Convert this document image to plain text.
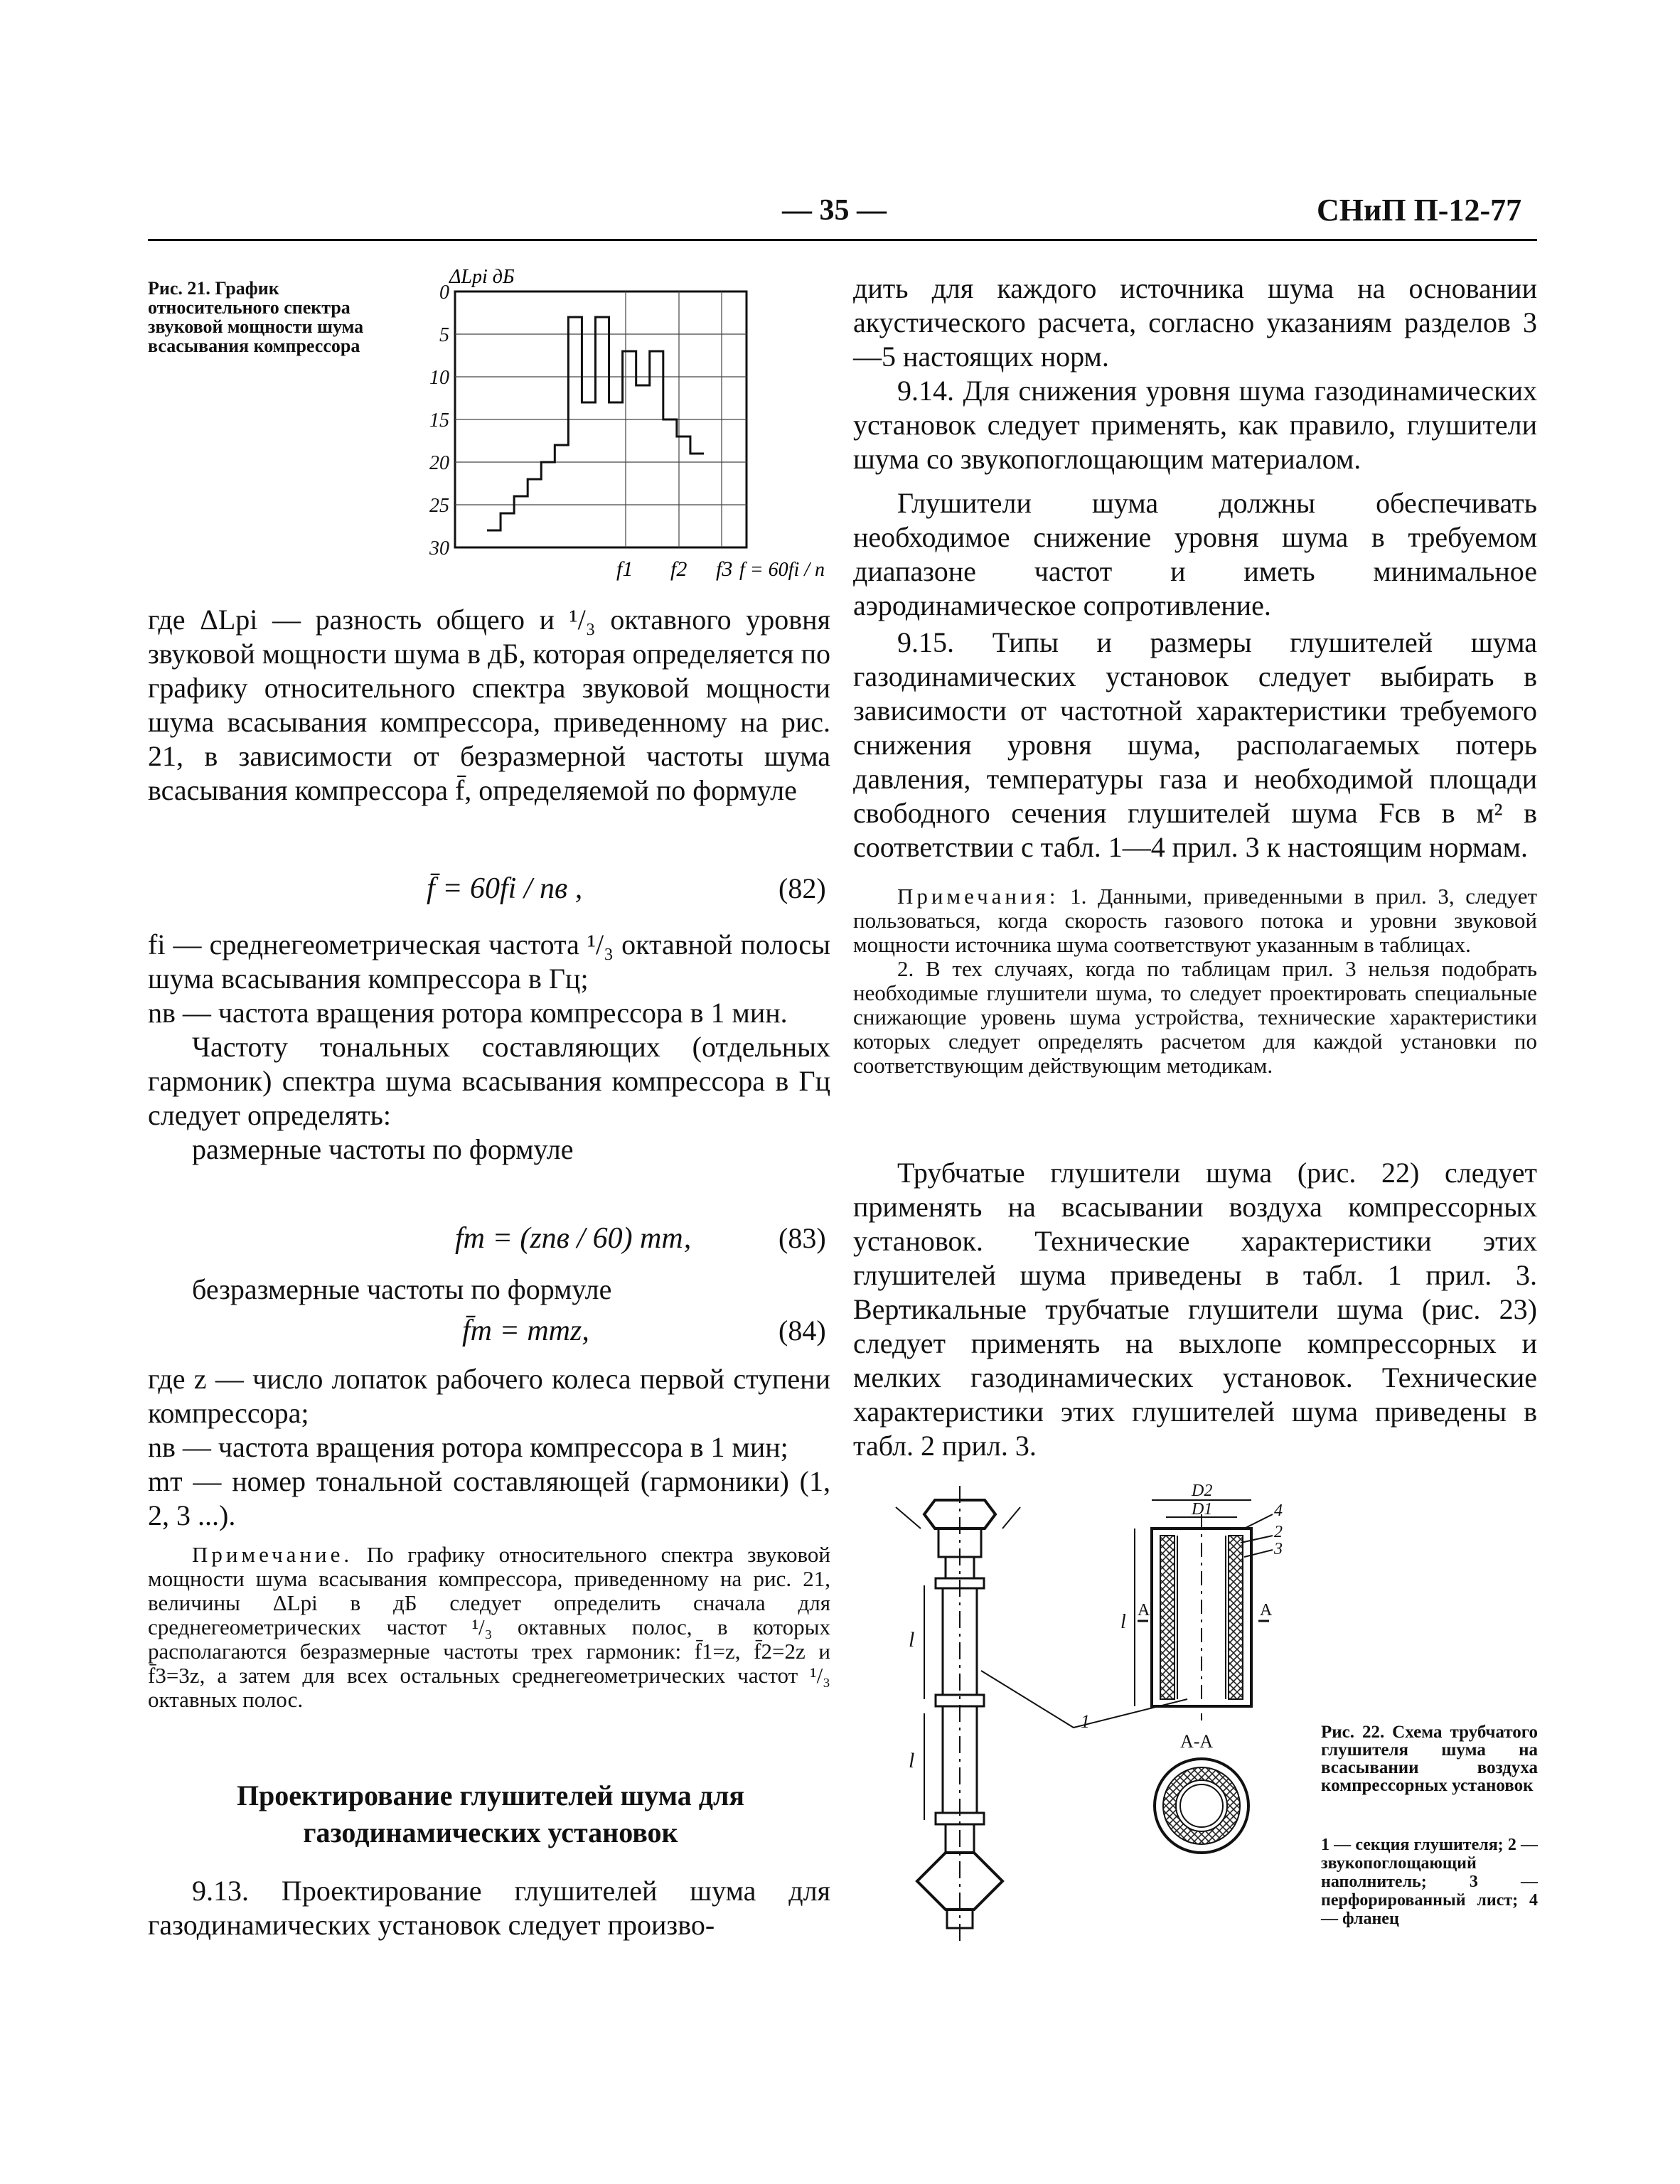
— 35 —	СНиП П-12-77
Рис. 21. График относительного спектра звуковой мощности шума всасывания компрессора
ΔLpi дБ
0
5
10
15
20
25
30
f1 f2 f3 f = 60fi / n

где ΔLpi — разность общего и ¹/₃ октавного уровня звуковой мощности шума в дБ, которая определяется по графику относительного спектра звуковой мощности шума всасывания компрессора, приведенному на рис. 21, в зависимости от безразмерной частоты шума всасывания компрессора f̄, определяемой по формуле

f̄ = 60fi / nв ,	(82)

fi — среднегеометрическая частота ¹/₃ октавной полосы шума всасывания компрессора в Гц;

nв — частота вращения ротора компрессора в 1 мин.

Частоту тональных составляющих (отдельных гармоник) спектра шума всасывания компрессора в Гц следует определять:

размерные частоты по формуле

fт = (znв / 60) mт,	(83)

безразмерные частоты по формуле

f̄т = mтz,	(84)

где z — число лопаток рабочего колеса первой ступени компрессора;

nв — частота вращения ротора компрессора в 1 мин;

mт — номер тональной составляющей (гармоники) (1, 2, 3 ...).

Примечание. По графику относительного спектра звуковой мощности шума всасывания компрессора, приведенному на рис. 21, величины ΔLpi в дБ следует определить сначала для среднегеометрических частот ¹/₃ октавных полос, в которых располагаются безразмерные частоты трех гармоник: f̄1=z, f̄2=2z и f̄3=3z, а затем для всех остальных среднегеометрических частот ¹/₃ октавных полос.
Проектирование глушителей шума для газодинамических установок

9.13. Проектирование глушителей шума для газодинамических установок следует произво-

дить для каждого источника шума на основании акустического расчета, согласно указаниям разделов 3—5 настоящих норм.

9.14. Для снижения уровня шума газодинамических установок следует применять, как правило, глушители шума со звукопоглощающим материалом.

Глушители шума должны обеспечивать необходимое снижение уровня шума в требуемом диапазоне частот и иметь минимальное аэродинамическое сопротивление.

9.15. Типы и размеры глушителей шума газодинамических установок следует выбирать в зависимости от частотной характеристики требуемого снижения уровня шума, располагаемых потерь давления, температуры газа и необходимой площади свободного сечения глушителей шума Fсв в м² в соответствии с табл. 1—4 прил. 3 к настоящим нормам.

Примечания: 1. Данными, приведенными в прил. 3, следует пользоваться, когда скорость газового потока и уровни звуковой мощности источника шума соответствуют указанным в таблицах.

2. В тех случаях, когда по таблицам прил. 3 нельзя подобрать необходимые глушители шума, то следует проектировать специальные снижающие уровень шума устройства, технические характеристики которых следует определять расчетом для каждой установки по соответствующим действующим методикам.

Трубчатые глушители шума (рис. 22) следует применять на всасывании воздуха компрессорных установок. Технические характеристики этих глушителей шума приведены в табл. 1 прил. 3. Вертикальные трубчатые глушители шума (рис. 23) следует применять на выхлопе компрессорных и мелких газодинамических установок. Технические характеристики этих глушителей шума приведены в табл. 2 прил. 3.

l
l
1
D2
D1	4
2
3
l
А	А
А-А	Рис. 22. Схема трубчатого глушителя шума на всасывании воздуха компрессорных установок
1 — секция глушителя; 2 — звукопоглощающий наполнитель; 3 — перфорированный лист; 4 — фланец
